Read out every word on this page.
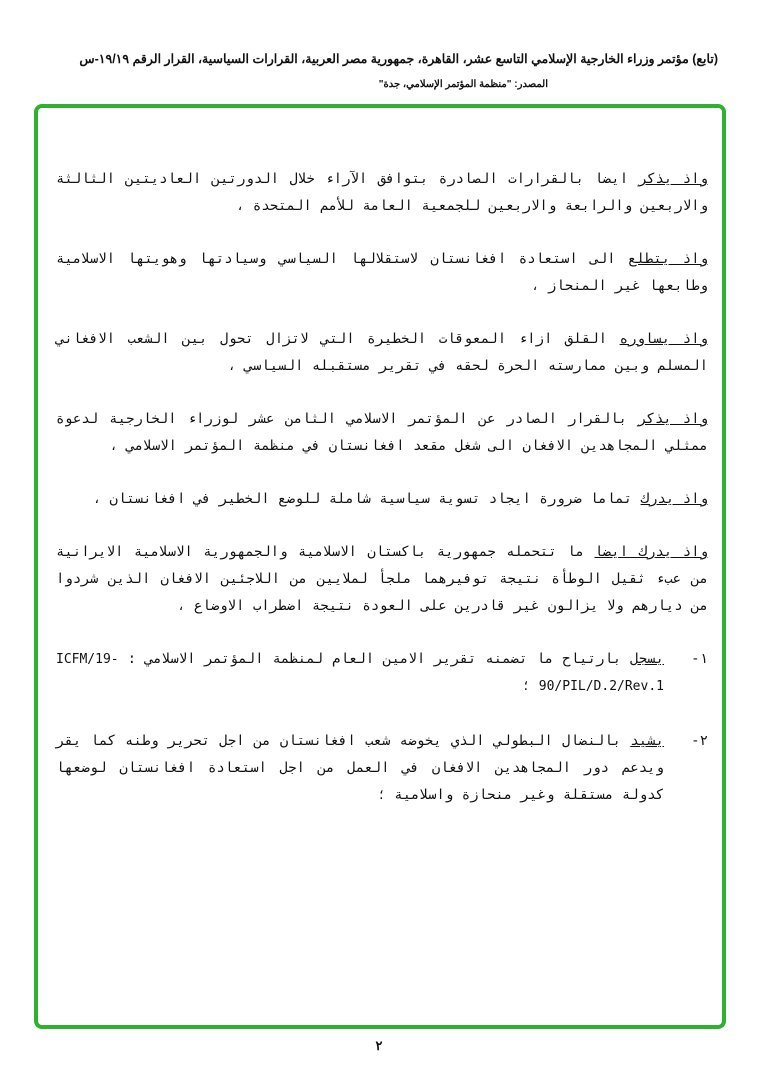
(تابع) مؤتمر وزراء الخارجية الإسلامي التاسع عشر، القاهرة، جمهورية مصر العربية، القرارات السياسية، القرار الرقم ١٩/١٩-س
المصدر: "منظمة المؤتمر الإسلامي، جدة"

واذ يذكر ايضا بالقرارات الصادرة بتوافق الآراء خلال الدورتين العاديتين الثالثة والاربعين والرابعة والاربعين للجمعية العامة للأمم المتحدة ،

واذ يتطلع الى استعادة افغانستان لاستقلالها السياسي وسيادتها وهويتها الاسلامية وطابعها غير المنحاز ،

واذ يساوره القلق ازاء المعوقات الخطيرة التي لاتزال تحول بين الشعب الافغاني المسلم وبين ممارسته الحرة لحقه في تقرير مستقبله السياسي ،

واذ يذكر بالقرار الصادر عن المؤتمر الاسلامي الثامن عشر لوزراء الخارجية لدعوة ممثلي المجاهدين الافغان الى شغل مقعد افغانستان في منظمة المؤتمر الاسلامي ،

واذ يدرك تماما ضرورة ايجاد تسوية سياسية شاملة للوضع الخطير في افغانستان ،

واذ يدرك ايضا ما تتحمله جمهورية باكستان الاسلامية والجمهورية الاسلامية الايرانية من عبء ثقيل الوطأة نتيجة توفيرهما ملجأ لملايين من اللاجئين الافغان الذين شردوا من ديارهم ولا يزالون غير قادرين على العودة نتيجة اضطراب الاوضاع ،

١-
يسجل بارتياح ما تضمنه تقرير الامين العام لمنظمة المؤتمر الاسلامي : ICFM/19-90/PIL/D.2/Rev.1 ؛
٢-
يشيد بالنضال البطولي الذي يخوضه شعب افغانستان من اجل تحرير وطنه كما يقر ويدعم دور المجاهدين الافغان في العمل من اجل استعادة افغانستان لوضعها كدولة مستقلة وغير منحازة واسلامية ؛
٢
